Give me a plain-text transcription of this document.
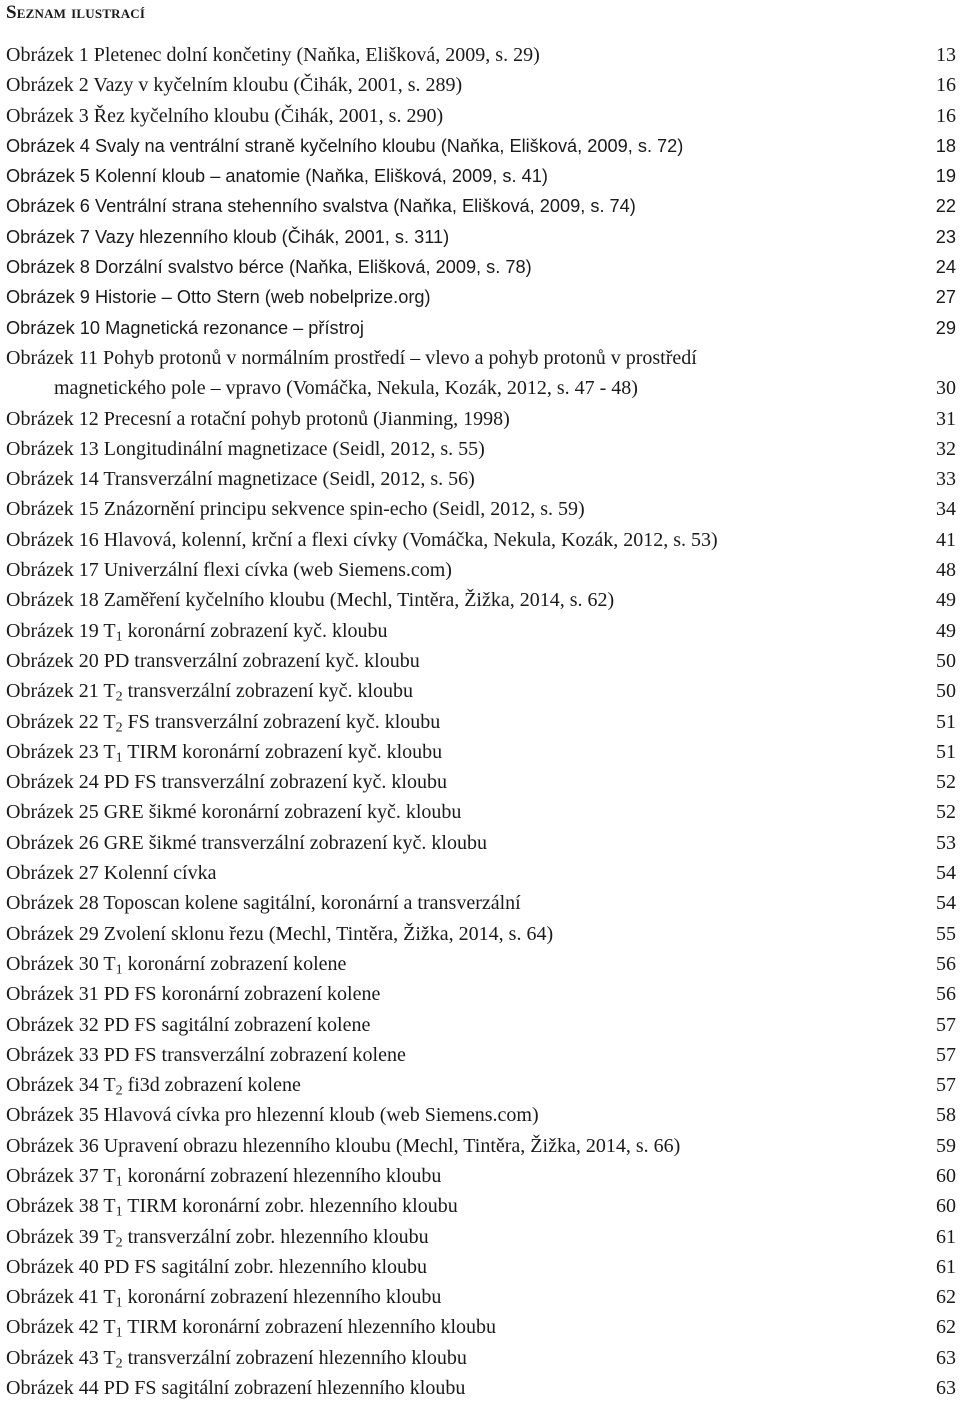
Seznam ilustrací
Obrázek 1 Pletenec dolní končetiny (Naňka, Elišková, 2009, s. 29)	13
Obrázek 2 Vazy v kyčelním kloubu (Čihák, 2001, s. 289)	16
Obrázek 3 Řez kyčelního kloubu (Čihák, 2001, s. 290)	16
Obrázek 4 Svaly na ventrální straně kyčelního kloubu (Naňka, Elišková, 2009, s. 72)	18
Obrázek 5 Kolenní kloub – anatomie (Naňka, Elišková, 2009, s. 41)	19
Obrázek 6 Ventrální strana stehenního svalstva (Naňka, Elišková, 2009, s. 74)	22
Obrázek 7 Vazy hlezenního kloub (Čihák, 2001, s. 311)	23
Obrázek 8 Dorzální svalstvo bérce (Naňka, Elišková, 2009, s. 78)	24
Obrázek 9 Historie – Otto Stern (web nobelprize.org)	27
Obrázek 10 Magnetická rezonance – přístroj	29
Obrázek 11 Pohyb protonů v normálním prostředí – vlevo a pohyb protonů v prostředí
magnetického pole – vpravo (Vomáčka, Nekula, Kozák, 2012, s. 47 - 48)	30
Obrázek 12 Precesní a rotační pohyb protonů (Jianming, 1998)	31
Obrázek 13 Longitudinální magnetizace (Seidl, 2012, s. 55)	32
Obrázek 14 Transverzální magnetizace (Seidl, 2012, s. 56)	33
Obrázek 15 Znázornění principu sekvence spin-echo (Seidl, 2012, s. 59)	34
Obrázek 16 Hlavová, kolenní, krční a flexi cívky (Vomáčka, Nekula, Kozák, 2012, s. 53)	41
Obrázek 17 Univerzální flexi cívka (web Siemens.com)	48
Obrázek 18 Zaměření kyčelního kloubu (Mechl, Tintěra, Žižka, 2014, s. 62)	49
Obrázek 19 $T_1$ koronární zobrazení kyč. kloubu	49
Obrázek 20 PD transverzální zobrazení kyč. kloubu	50
Obrázek 21 $T_2$ transverzální zobrazení kyč. kloubu	50
Obrázek 22 $T_2$ FS transverzální zobrazení kyč. kloubu	51
Obrázek 23 $T_1$ TIRM koronární zobrazení kyč. kloubu	51
Obrázek 24 PD FS transverzální zobrazení kyč. kloubu	52
Obrázek 25 GRE šikmé koronární zobrazení kyč. kloubu	52
Obrázek 26 GRE šikmé transverzální zobrazení kyč. kloubu	53
Obrázek 27 Kolenní cívka	54
Obrázek 28 Toposcan kolene sagitální, koronární a transverzální	54
Obrázek 29 Zvolení sklonu řezu (Mechl, Tintěra, Žižka, 2014, s. 64)	55
Obrázek 30 $T_1$ koronární zobrazení kolene	56
Obrázek 31 PD FS koronární zobrazení kolene	56
Obrázek 32 PD FS sagitální zobrazení kolene	57
Obrázek 33 PD FS transverzální zobrazení kolene	57
Obrázek 34 $T_2$ fi3d zobrazení kolene	57
Obrázek 35 Hlavová cívka pro hlezenní kloub (web Siemens.com)	58
Obrázek 36 Upravení obrazu hlezenního kloubu (Mechl, Tintěra, Žižka, 2014, s. 66)	59
Obrázek 37 $T_1$ koronární zobrazení hlezenního kloubu	60
Obrázek 38 $T_1$ TIRM koronární zobr. hlezenního kloubu	60
Obrázek 39 $T_2$ transverzální zobr. hlezenního kloubu	61
Obrázek 40 PD FS sagitální zobr. hlezenního kloubu	61
Obrázek 41 $T_1$ koronární zobrazení hlezenního kloubu	62
Obrázek 42 $T_1$ TIRM koronární zobrazení hlezenního kloubu	62
Obrázek 43 $T_2$ transverzální zobrazení hlezenního kloubu	63
Obrázek 44 PD FS sagitální zobrazení hlezenního kloubu	63
